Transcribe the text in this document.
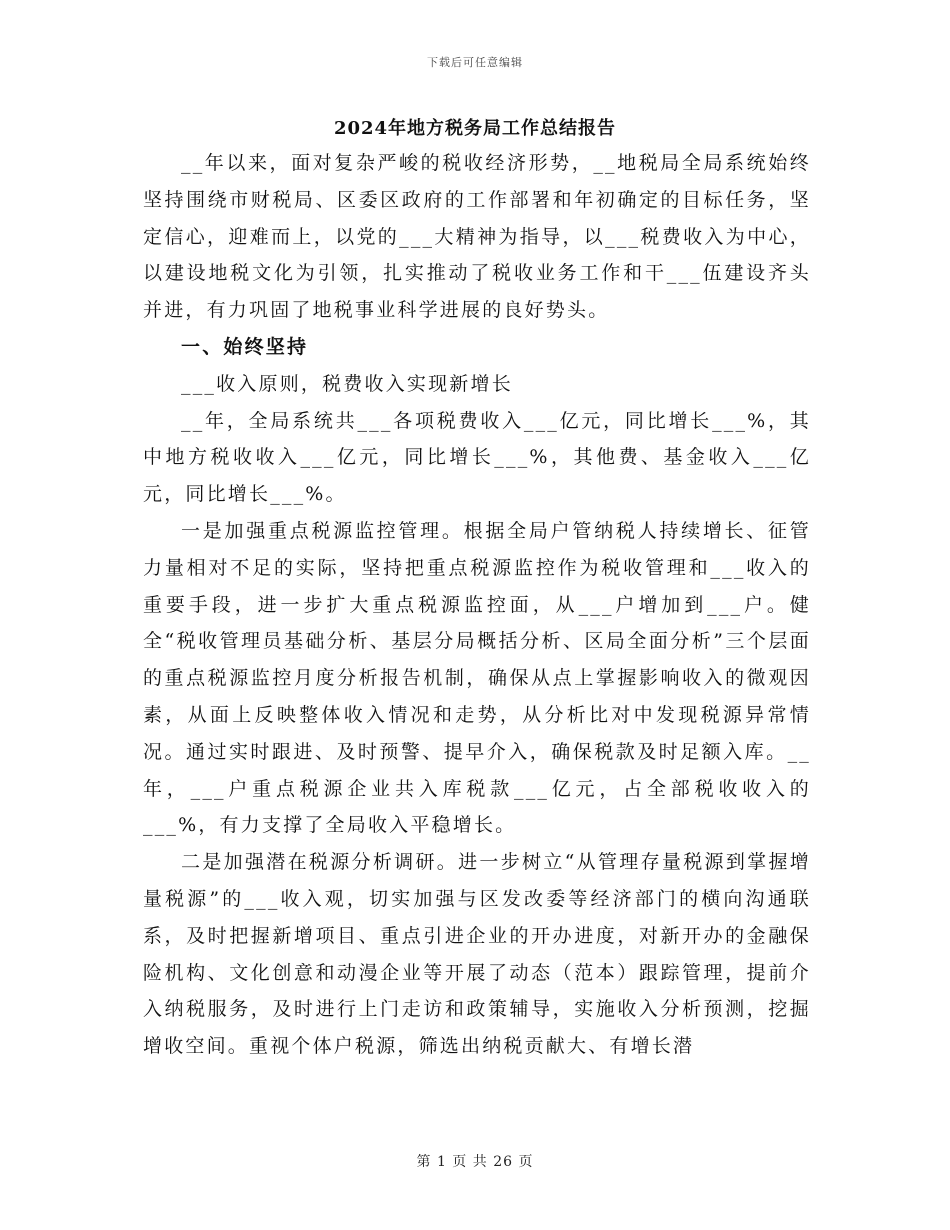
下载后可任意编辑
2024年地方税务局工作总结报告

__年以来，面对复杂严峻的税收经济形势，__地税局全局系统始终坚持围绕市财税局、区委区政府的工作部署和年初确定的目标任务，坚定信心，迎难而上，以党的___大精神为指导，以___税费收入为中心，以建设地税文化为引领，扎实推动了税收业务工作和干___伍建设齐头并进，有力巩固了地税事业科学进展的良好势头。

一、始终坚持

___收入原则，税费收入实现新增长

__年，全局系统共___各项税费收入___亿元，同比增长___%，其中地方税收收入___亿元，同比增长___%，其他费、基金收入___亿元，同比增长___%。

一是加强重点税源监控管理。根据全局户管纳税人持续增长、征管力量相对不足的实际，坚持把重点税源监控作为税收管理和___收入的重要手段，进一步扩大重点税源监控面，从___户增加到___户。健全“税收管理员基础分析、基层分局概括分析、区局全面分析”三个层面的重点税源监控月度分析报告机制，确保从点上掌握影响收入的微观因素，从面上反映整体收入情况和走势，从分析比对中发现税源异常情况。通过实时跟进、及时预警、提早介入，确保税款及时足额入库。__年，___户重点税源企业共入库税款___亿元，占全部税收收入的___%，有力支撑了全局收入平稳增长。

二是加强潜在税源分析调研。进一步树立“从管理存量税源到掌握增量税源”的___收入观，切实加强与区发改委等经济部门的横向沟通联系，及时把握新增项目、重点引进企业的开办进度，对新开办的金融保险机构、文化创意和动漫企业等开展了动态（范本）跟踪管理，提前介入纳税服务，及时进行上门走访和政策辅导，实施收入分析预测，挖掘增收空间。重视个体户税源，筛选出纳税贡献大、有增长潜

第 1 页 共 26 页
